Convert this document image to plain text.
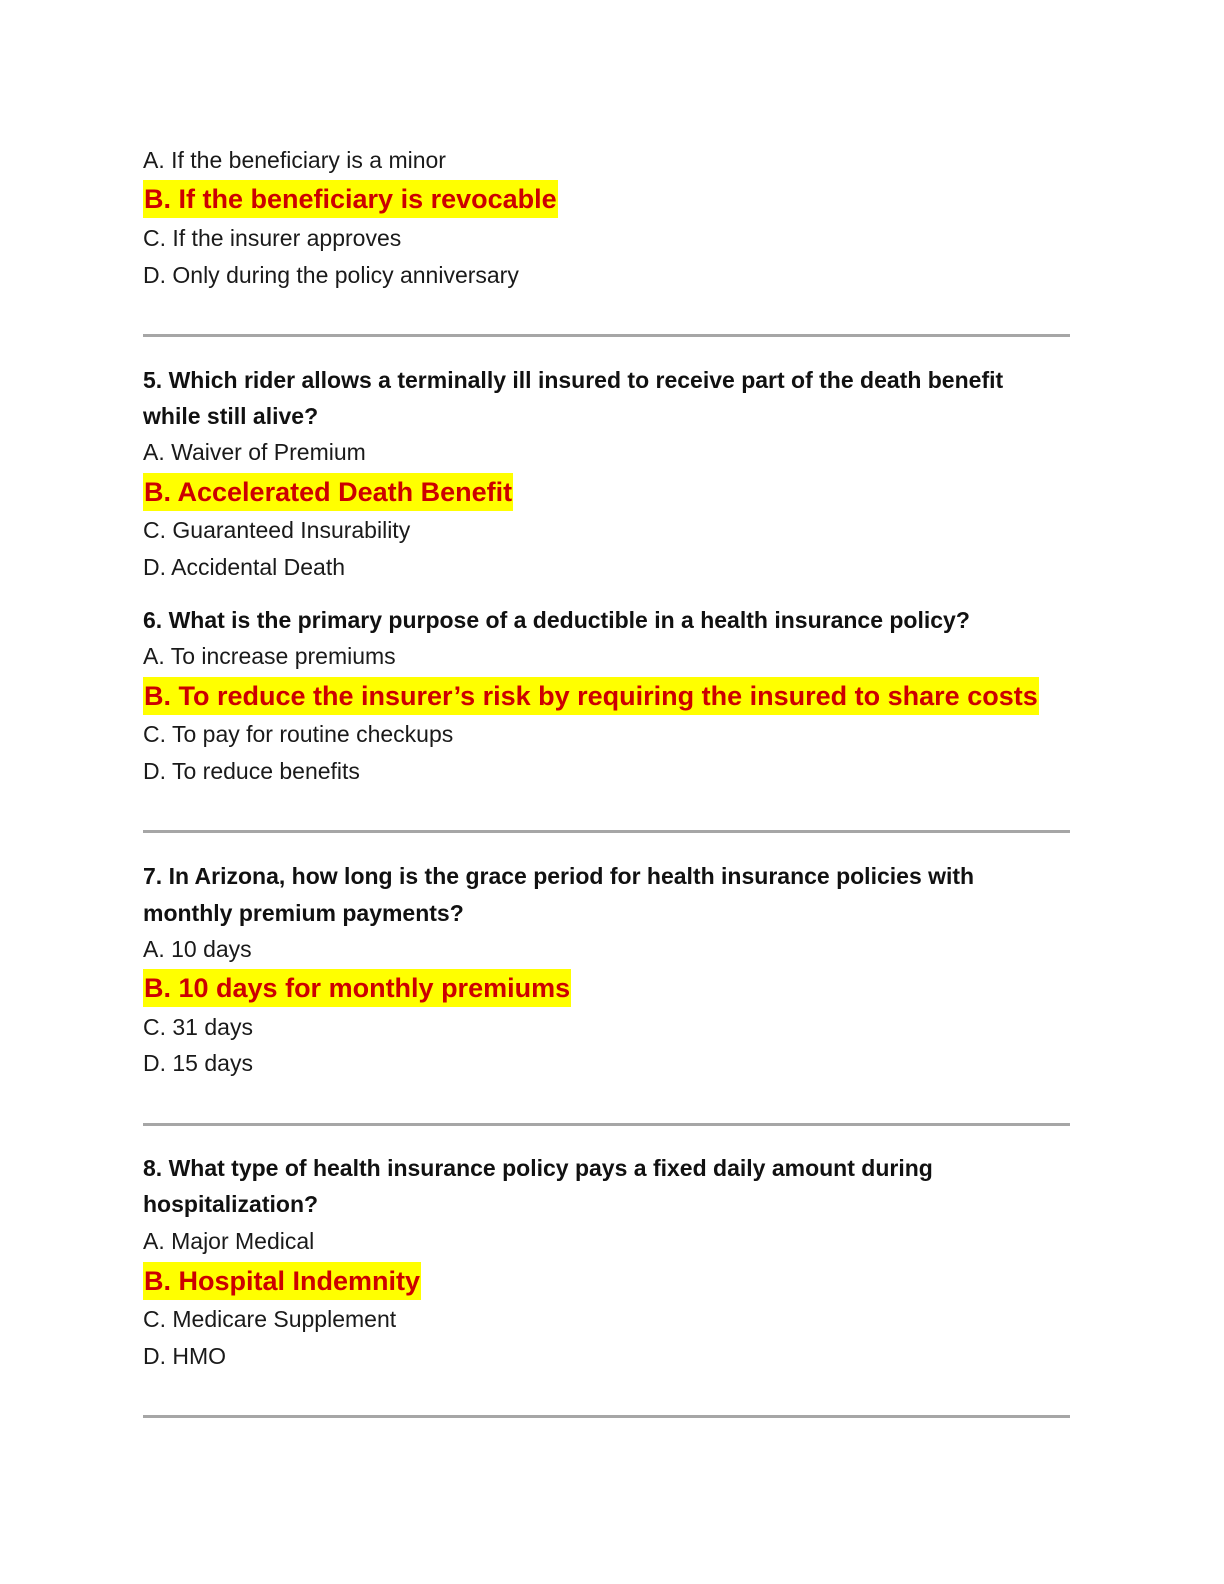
A. If the beneficiary is a minor
B. If the beneficiary is revocable
C. If the insurer approves
D. Only during the policy anniversary
5. Which rider allows a terminally ill insured to receive part of the death benefit
while still alive?
A. Waiver of Premium
B. Accelerated Death Benefit
C. Guaranteed Insurability
D. Accidental Death
6. What is the primary purpose of a deductible in a health insurance policy?
A. To increase premiums
B. To reduce the insurer’s risk by requiring the insured to share costs
C. To pay for routine checkups
D. To reduce benefits
7. In Arizona, how long is the grace period for health insurance policies with
monthly premium payments?
A. 10 days
B. 10 days for monthly premiums
C. 31 days
D. 15 days
8. What type of health insurance policy pays a fixed daily amount during
hospitalization?
A. Major Medical
B. Hospital Indemnity
C. Medicare Supplement
D. HMO
